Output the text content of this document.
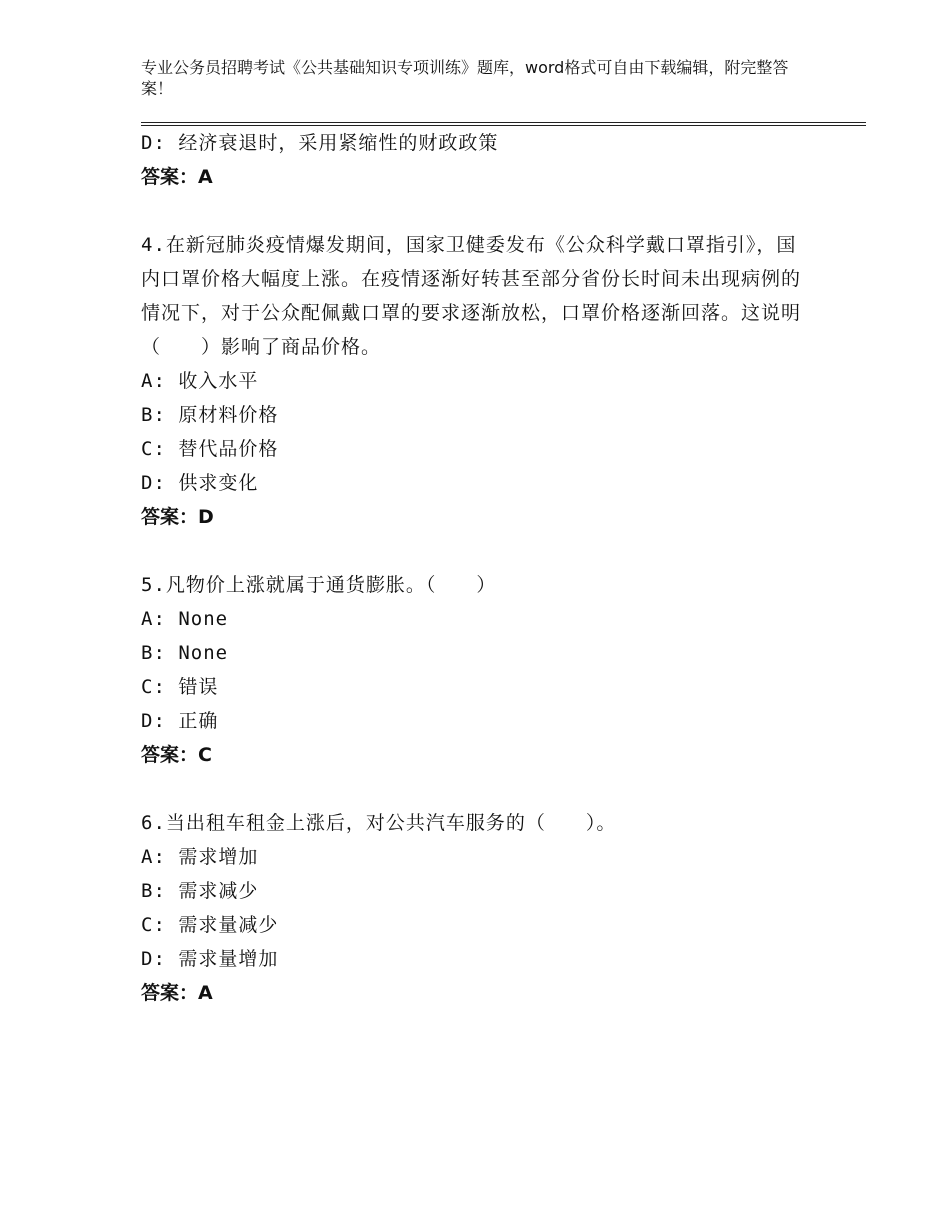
专业公务员招聘考试《公共基础知识专项训练》题库，word格式可自由下载编辑，附完整答案！
D: 经济衰退时，采用紧缩性的财政政策
答案：A
4.在新冠肺炎疫情爆发期间，国家卫健委发布《公众科学戴口罩指引》，国内口罩价格大幅度上涨。在疫情逐渐好转甚至部分省份长时间未出现病例的情况下，对于公众配佩戴口罩的要求逐渐放松，口罩价格逐渐回落。这说明（　　）影响了商品价格。
A: 收入水平
B: 原材料价格
C: 替代品价格
D: 供求变化
答案：D
5.凡物价上涨就属于通货膨胀。（　　）
A: None
B: None
C: 错误
D: 正确
答案：C
6.当出租车租金上涨后，对公共汽车服务的（　　）。
A: 需求增加
B: 需求减少
C: 需求量减少
D: 需求量增加
答案：A
